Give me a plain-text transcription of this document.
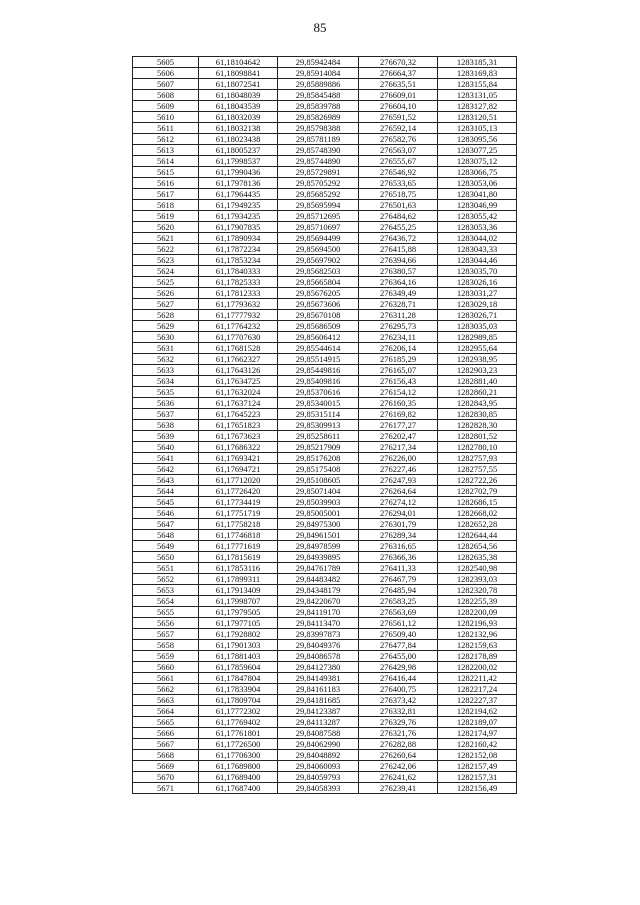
85
5605	61,18104642	29,85942484	276670,32	1283185,31
5606	61,18098841	29,85914084	276664,37	1283169,83
5607	61,18072541	29,85889886	276635,51	1283155,84
5608	61,18048039	29,85845488	276609,01	1283131,05
5609	61,18043539	29,85839788	276604,10	1283127,82
5610	61,18032039	29,85826989	276591,52	1283120,51
5611	61,18032138	29,85798388	276592,14	1283105,13
5612	61,18023438	29,85781189	276582,76	1283095,56
5613	61,18005237	29,85748390	276563,07	1283077,25
5614	61,17998537	29,85744890	276555,67	1283075,12
5615	61,17990436	29,85729891	276546,92	1283066,75
5616	61,17978136	29,85705292	276533,65	1283053,06
5617	61,17964435	29,85685292	276518,75	1283041,80
5618	61,17949235	29,85695994	276501,63	1283046,99
5619	61,17934235	29,85712695	276484,62	1283055,42
5620	61,17907835	29,85710697	276455,25	1283053,36
5621	61,17890934	29,85694499	276436,72	1283044,02
5622	61,17872234	29,85694500	276415,88	1283043,33
5623	61,17853234	29,85697902	276394,66	1283044,46
5624	61,17840333	29,85682503	276380,57	1283035,70
5625	61,17825333	29,85665804	276364,16	1283026,16
5626	61,17812333	29,85676205	276349,49	1283031,27
5627	61,17793632	29,85673606	276328,71	1283029,18
5628	61,17777932	29,85670108	276311,28	1283026,71
5629	61,17764232	29,85686509	276295,73	1283035,03
5630	61,17707630	29,85606412	276234,11	1282989,85
5631	61,17681528	29,85544614	276206,14	1282955,64
5632	61,17662327	29,85514915	276185,29	1282938,95
5633	61,17643126	29,85449816	276165,07	1282903,23
5634	61,17634725	29,85409816	276156,43	1282881,40
5635	61,17632024	29,85370616	276154,12	1282860,21
5636	61,17637124	29,85340015	276160,35	1282843,95
5637	61,17645223	29,85315114	276169,82	1282830,85
5638	61,17651823	29,85309913	276177,27	1282828,30
5639	61,17673623	29,85258611	276202,47	1282801,52
5640	61,17686322	29,85217909	276217,34	1282780,10
5641	61,17693421	29,85176208	276226,00	1282757,93
5642	61,17694721	29,85175408	276227,46	1282757,55
5643	61,17712020	29,85108605	276247,93	1282722,26
5644	61,17726420	29,85071404	276264,64	1282702,79
5645	61,17734419	29,85039903	276274,12	1282686,15
5646	61,17751719	29,85005001	276294,01	1282668,02
5647	61,17758218	29,84975300	276301,79	1282652,28
5648	61,17746818	29,84961501	276289,34	1282644,44
5649	61,17771619	29,84978599	276316,65	1282654,56
5650	61,17815619	29,84939895	276366,36	1282635,38
5651	61,17853116	29,84761789	276411,33	1282540,98
5652	61,17899311	29,84483482	276467,79	1282393,03
5653	61,17913409	29,84348179	276485,94	1282320,78
5654	61,17998707	29,84220670	276583,25	1282255,39
5655	61,17979505	29,84119170	276563,69	1282200,09
5656	61,17977105	29,84113470	276561,12	1282196,93
5657	61,17928802	29,83997873	276509,40	1282132,96
5658	61,17901303	29,84049376	276477,84	1282159,63
5659	61,17881403	29,84086578	276455,00	1282178,89
5660	61,17859604	29,84127380	276429,98	1282200,02
5661	61,17847804	29,84149381	276416,44	1282211,42
5662	61,17833904	29,84161183	276400,75	1282217,24
5663	61,17809704	29,84181685	276373,42	1282227,37
5664	61,17772302	29,84123387	276332,81	1282194,62
5665	61,17769402	29,84113287	276329,76	1282189,07
5666	61,17761801	29,84087588	276321,76	1282174,97
5667	61,17726500	29,84062990	276282,88	1282160,42
5668	61,17706300	29,84048892	276260,64	1282152,08
5669	61,17689800	29,84060093	276242,06	1282157,49
5670	61,17689400	29,84059793	276241,62	1282157,31
5671	61,17687400	29,84058393	276239,41	1282156,49
